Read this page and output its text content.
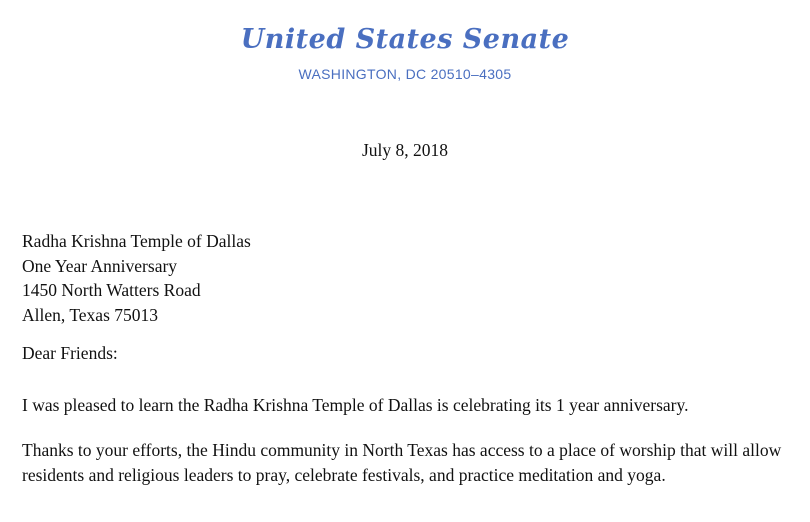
United States Senate
WASHINGTON, DC 20510–4305
July 8, 2018
Radha Krishna Temple of Dallas
One Year Anniversary
1450 North Watters Road
Allen, Texas 75013
Dear Friends:
I was pleased to learn the Radha Krishna Temple of Dallas is celebrating its 1 year anniversary.
Thanks to your efforts, the Hindu community in North Texas has access to a place of worship that will allow residents and religious leaders to pray, celebrate festivals, and practice meditation and yoga.
